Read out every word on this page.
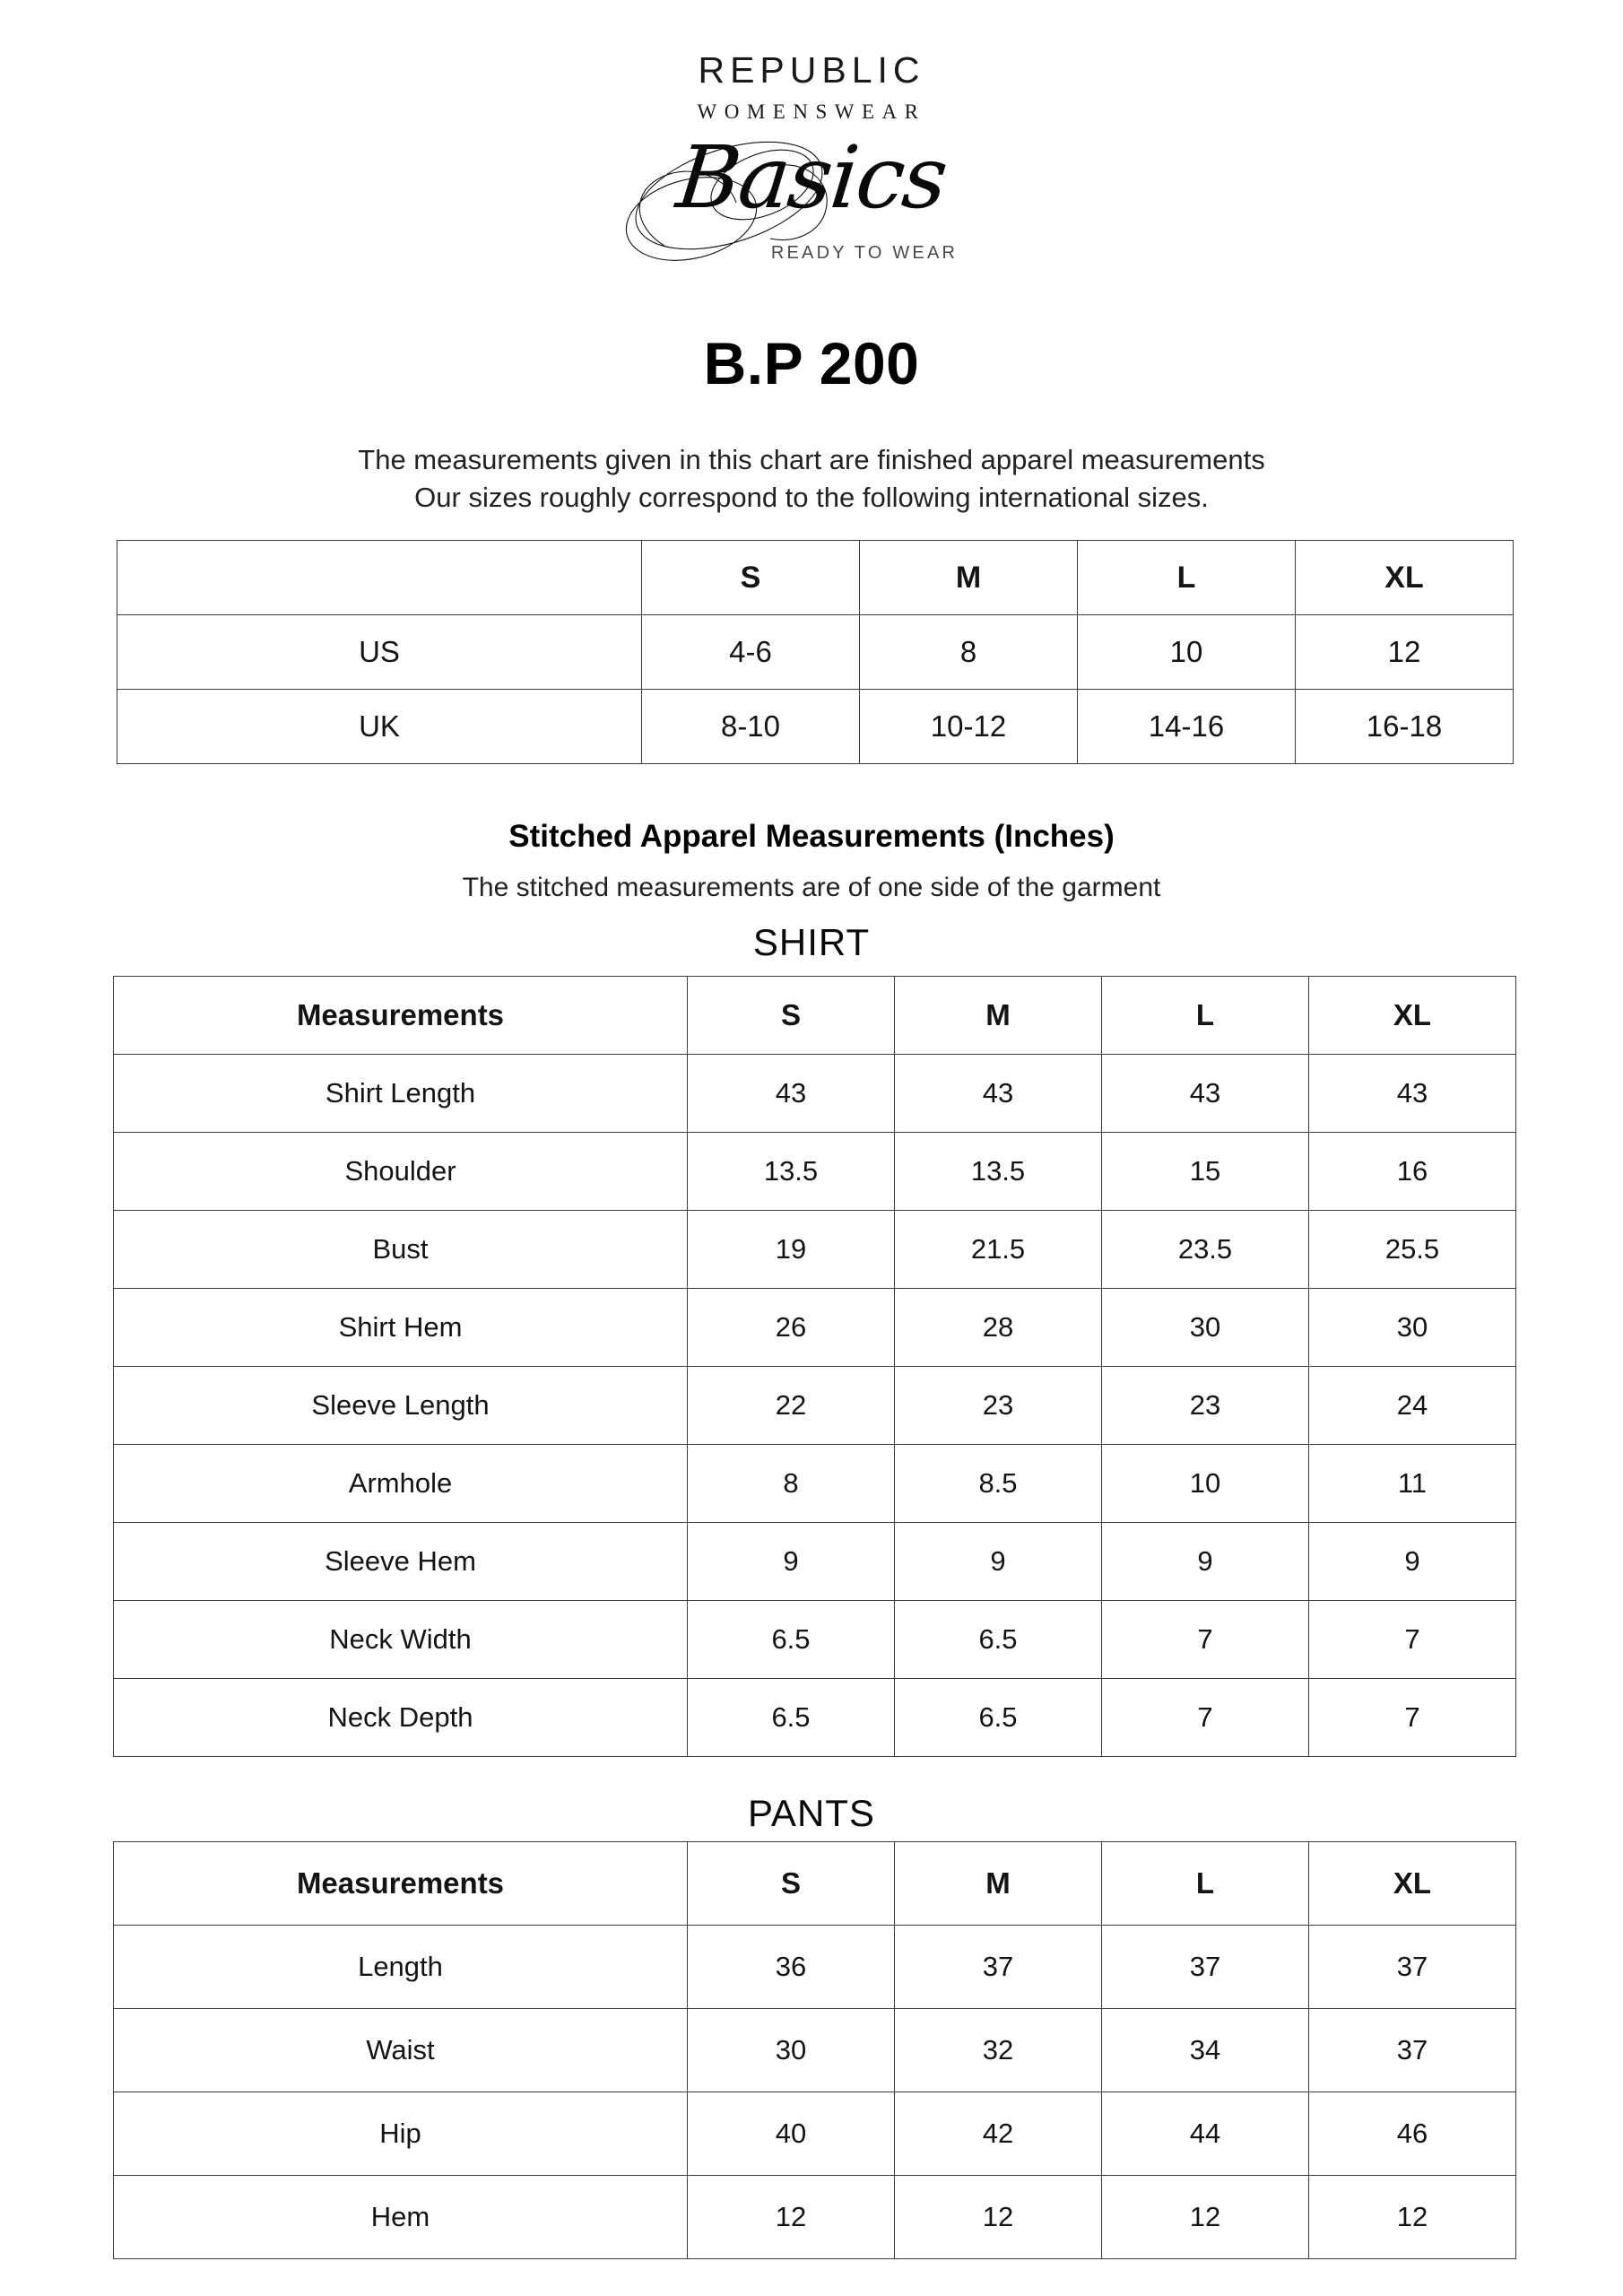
REPUBLIC
WOMENSWEAR
Basics
READY TO WEAR
B.P 200
The measurements given in this chart are finished apparel measurements
Our sizes roughly correspond to the following international sizes.
	S	M	L	XL
US	4-6	8	10	12
UK	8-10	10-12	14-16	16-18
Stitched Apparel Measurements (Inches)
The stitched measurements are of one side of the garment
SHIRT
Measurements	S	M	L	XL
Shirt Length	43	43	43	43
Shoulder	13.5	13.5	15	16
Bust	19	21.5	23.5	25.5
Shirt Hem	26	28	30	30
Sleeve Length	22	23	23	24
Armhole	8	8.5	10	11
Sleeve Hem	9	9	9	9
Neck Width	6.5	6.5	7	7
Neck Depth	6.5	6.5	7	7
PANTS
Measurements	S	M	L	XL
Length	36	37	37	37
Waist	30	32	34	37
Hip	40	42	44	46
Hem	12	12	12	12
